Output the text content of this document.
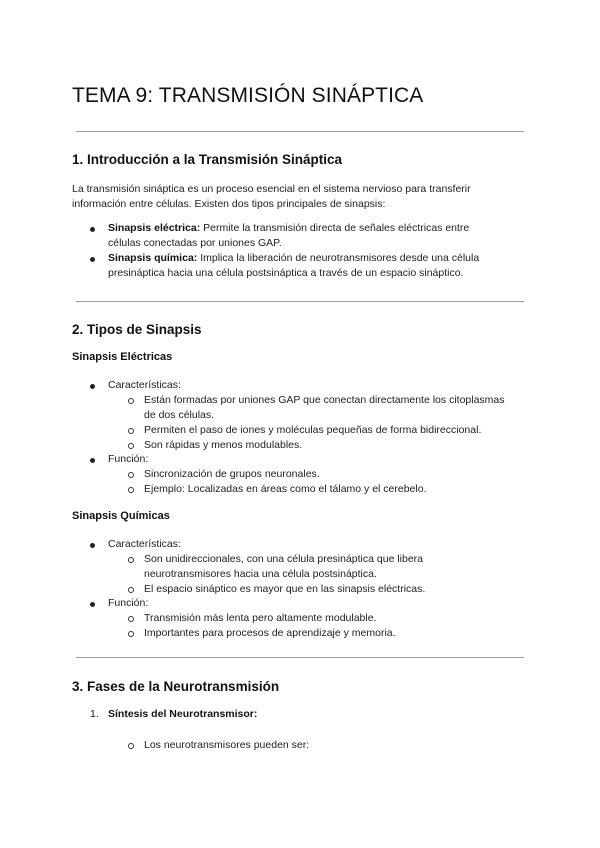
TEMA 9: TRANSMISIÓN SINÁPTICA
1. Introducción a la Transmisión Sináptica

La transmisión sináptica es un proceso esencial en el sistema nervioso para transferir
información entre células. Existen dos tipos principales de sinapsis:

Sinapsis eléctrica: Permite la transmisión directa de señales eléctricas entre
células conectadas por uniones GAP.
Sinapsis química: Implica la liberación de neurotransmisores desde una célula
presináptica hacia una célula postsináptica a través de un espacio sináptico.
2. Tipos de Sinapsis
Sinapsis Eléctricas
Características:
Están formadas por uniones GAP que conectan directamente los citoplasmas
de dos células.
Permiten el paso de iones y moléculas pequeñas de forma bidireccional.
Son rápidas y menos modulables.
Función:
Sincronización de grupos neuronales.
Ejemplo: Localizadas en áreas como el tálamo y el cerebelo.
Sinapsis Químicas
Características:
Son unidireccionales, con una célula presináptica que libera
neurotransmisores hacia una célula postsináptica.
El espacio sináptico es mayor que en las sinapsis eléctricas.
Función:
Transmisión más lenta pero altamente modulable.
Importantes para procesos de aprendizaje y memoria.
3. Fases de la Neurotransmisión
1. Síntesis del Neurotransmisor:
Los neurotransmisores pueden ser:
